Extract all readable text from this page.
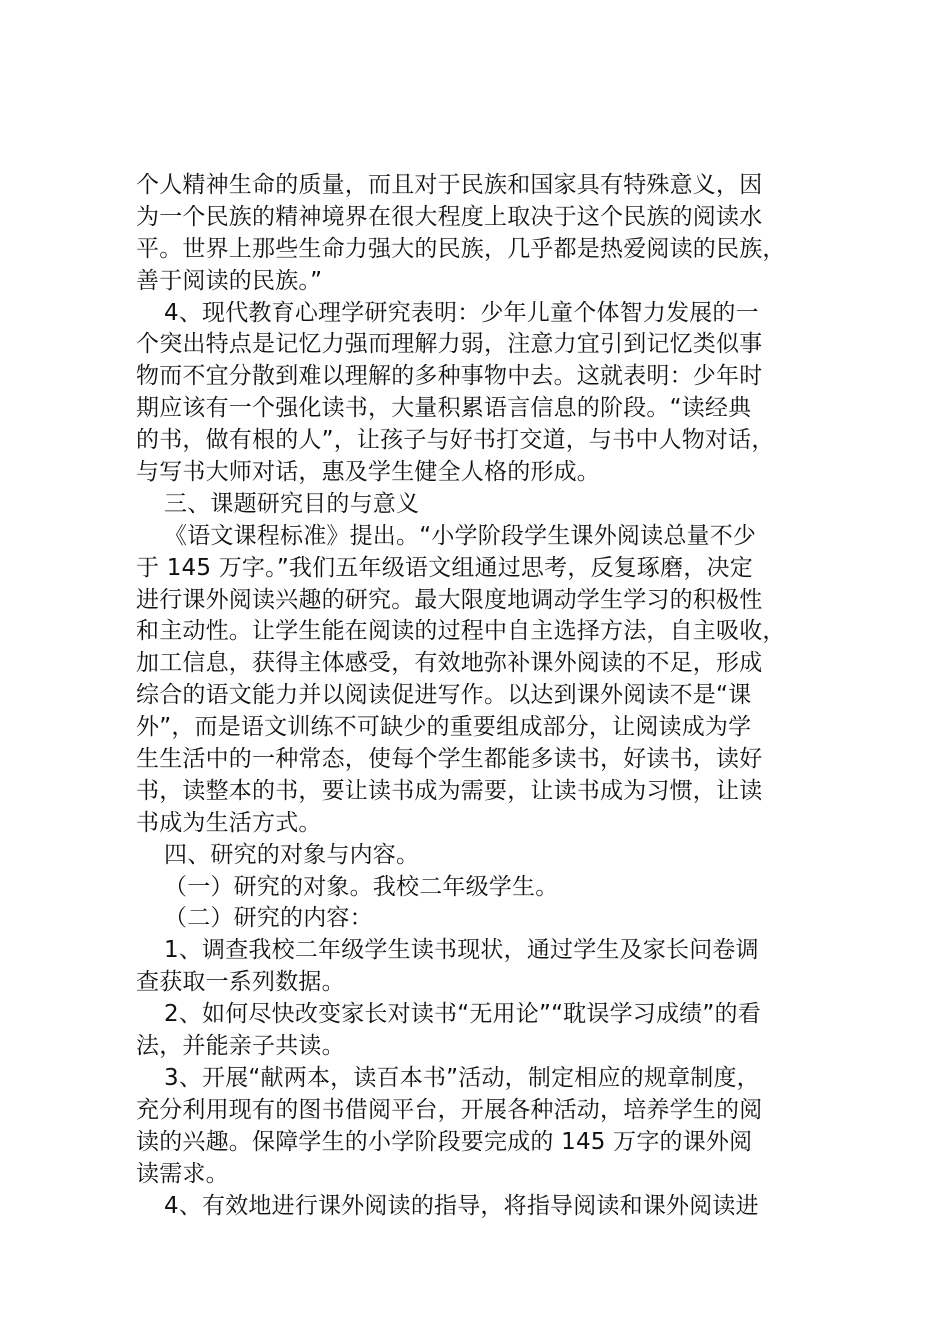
个人精神生命的质量，而且对于民族和国家具有特殊意义，因
为一个民族的精神境界在很大程度上取决于这个民族的阅读水
平。世界上那些生命力强大的民族，几乎都是热爱阅读的民族，
善于阅读的民族。”
4、现代教育心理学研究表明：少年儿童个体智力发展的一
个突出特点是记忆力强而理解力弱，注意力宜引到记忆类似事
物而不宜分散到难以理解的多种事物中去。这就表明：少年时
期应该有一个强化读书，大量积累语言信息的阶段。“读经典
的书，做有根的人”，让孩子与好书打交道，与书中人物对话，
与写书大师对话，惠及学生健全人格的形成。
三、课题研究目的与意义
《语文课程标准》提出。“小学阶段学生课外阅读总量不少
于 145 万字。”我们五年级语文组通过思考，反复琢磨，决定
进行课外阅读兴趣的研究。最大限度地调动学生学习的积极性
和主动性。让学生能在阅读的过程中自主选择方法，自主吸收，
加工信息，获得主体感受，有效地弥补课外阅读的不足，形成
综合的语文能力并以阅读促进写作。以达到课外阅读不是“课
外”，而是语文训练不可缺少的重要组成部分，让阅读成为学
生生活中的一种常态，使每个学生都能多读书，好读书，读好
书，读整本的书，要让读书成为需要，让读书成为习惯，让读
书成为生活方式。
四、研究的对象与内容。
（一）研究的对象。我校二年级学生。
（二）研究的内容：
1、调查我校二年级学生读书现状，通过学生及家长问卷调
查获取一系列数据。
2、如何尽快改变家长对读书“无用论”“耽误学习成绩”的看
法，并能亲子共读。
3、开展“献两本，读百本书”活动，制定相应的规章制度，
充分利用现有的图书借阅平台，开展各种活动，培养学生的阅
读的兴趣。保障学生的小学阶段要完成的 145 万字的课外阅
读需求。
4、有效地进行课外阅读的指导，将指导阅读和课外阅读进
